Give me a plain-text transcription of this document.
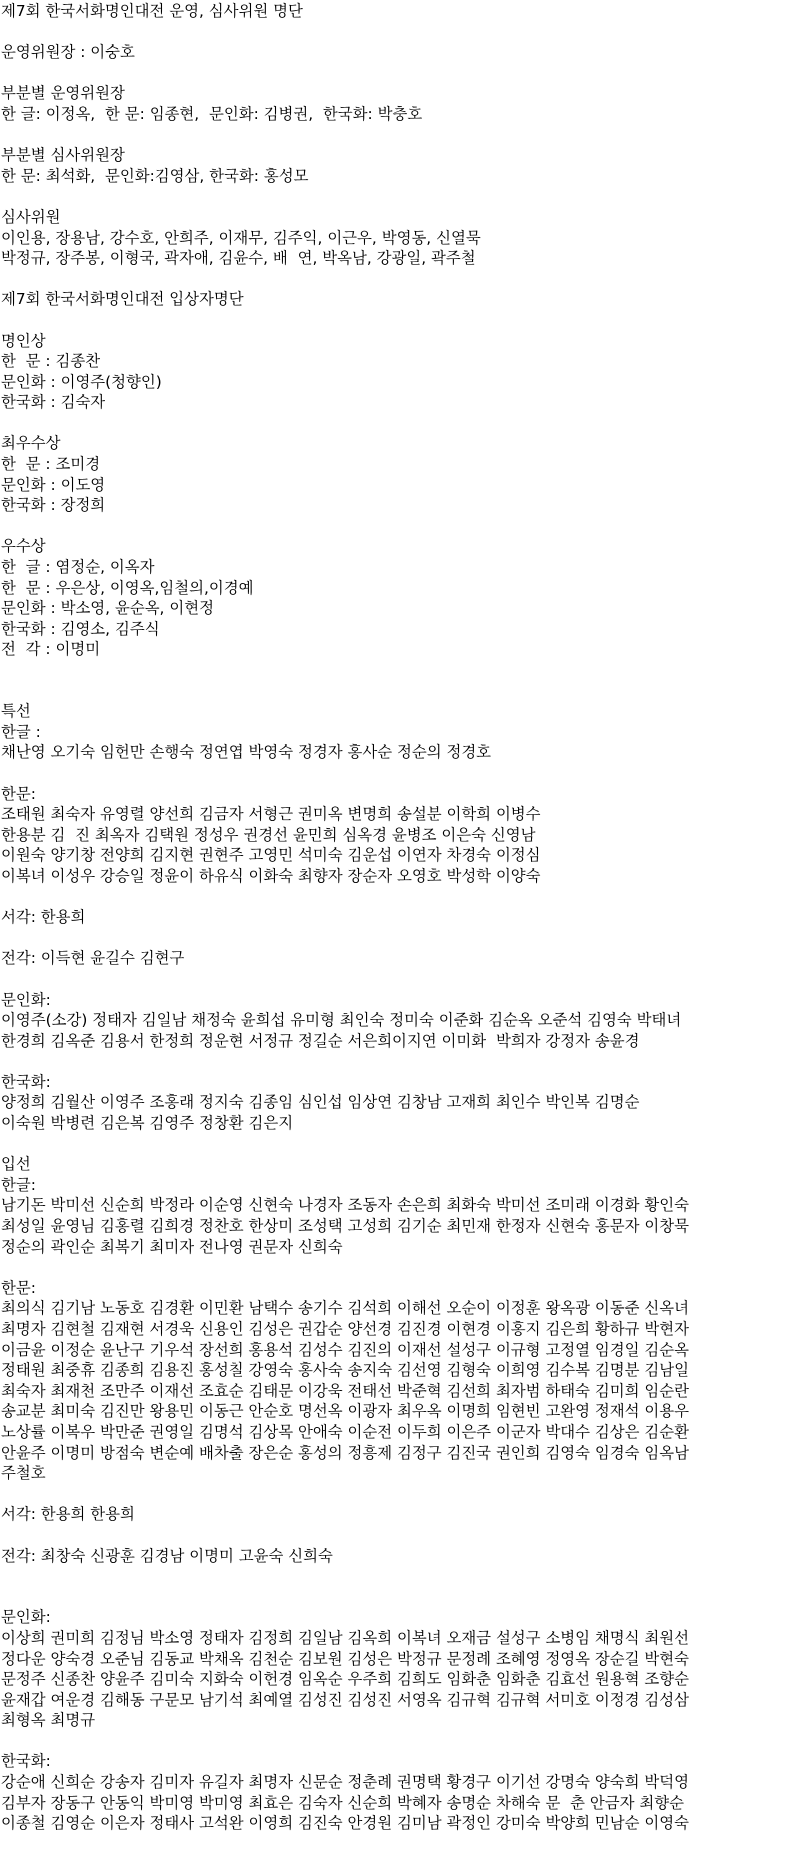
제7회 한국서화명인대전 운영, 심사위원 명단
운영위원장 : 이숭호
부분별 운영위원장
한 글: 이정옥,  한 문: 임종현,  문인화: 김병권,  한국화: 박충호
부분별 심사위원장
한 문: 최석화,  문인화:김영삼, 한국화: 홍성모
심사위원
이인용, 장용남, 강수호, 안희주, 이재무, 김주익, 이근우, 박영동, 신열묵
박정규, 장주봉, 이형국, 곽자애, 김윤수, 배  연, 박옥남, 강광일, 곽주철
제7회 한국서화명인대전 입상자명단
명인상
한  문 : 김종찬
문인화 : 이영주(청향인)
한국화 : 김숙자
최우수상
한  문 : 조미경
문인화 : 이도영
한국화 : 장정희
우수상
한  글 : 염정순, 이옥자
한  문 : 우은상, 이영옥,임철의,이경예
문인화 : 박소영, 윤순옥, 이현정
한국화 : 김영소, 김주식
전  각 : 이명미
특선
한글 :
채난영 오기숙 임헌만 손행숙 정연엽 박영숙 정경자 홍사순 정순의 정경호
한문:
조태원 최숙자 유영렬 양선희 김금자 서형근 권미옥 변명희 송설분 이학희 이병수
한용분 김  진 최옥자 김택원 정성우 권경선 윤민희 심옥경 윤병조 이은숙 신영남
이원숙 양기창 전양희 김지현 권현주 고영민 석미숙 김운섭 이연자 차경숙 이정심
이복녀 이성우 강승일 정윤이 하유식 이화숙 최향자 장순자 오영호 박성학 이양숙
서각: 한용희
전각: 이득현 윤길수 김현구
문인화:
이영주(소강) 정태자 김일남 채정숙 윤희섭 유미형 최인숙 정미숙 이준화 김순옥 오준석 김영숙 박태녀
한경희 김옥준 김용서 한정희 정운현 서정규 정길순 서은희이지연 이미화  박희자 강정자 송윤경
한국화:
양정희 김월산 이영주 조홍래 정지숙 김종임 심인섭 임상연 김창남 고재희 최인수 박인복 김명순
이숙원 박병련 김은복 김영주 정창환 김은지
입선
한글:
남기돈 박미선 신순희 박정라 이순영 신현숙 나경자 조동자 손은희 최화숙 박미선 조미래 이경화 황인숙
최성일 윤영님 김홍렬 김희경 정찬호 한상미 조성택 고성희 김기순 최민재 한정자 신현숙 홍문자 이창묵
정순의 곽인순 최복기 최미자 전나영 권문자 신희숙
한문:
최의식 김기남 노동호 김경환 이민환 남택수 송기수 김석희 이해선 오순이 이정훈 왕옥광 이동준 신옥녀
최명자 김현철 김재현 서경욱 신용인 김성은 권갑순 양선경 김진경 이현경 이홍지 김은희 황하규 박현자
이금윤 이정순 윤난구 기우석 장선희 홍용석 김성수 김진의 이재선 설성구 이규형 고정열 임경일 김순옥
정태원 최중휴 김종희 김용진 홍성칠 강영숙 홍사숙 송지숙 김선영 김형숙 이희영 김수복 김명분 김남일
최숙자 최재천 조만주 이재선 조효순 김태문 이강욱 전태선 박준혁 김선희 최자범 하태숙 김미희 임순란
송교분 최미숙 김진만 왕용민 이동근 안순호 명선옥 이광자 최우옥 이명희 임현빈 고완영 정재석 이용우
노상률 이복우 박만준 권영일 김명석 김상목 안애숙 이순전 이두희 이은주 이군자 박대수 김상은 김순환
안윤주 이명미 방점숙 변순예 배차출 장은순 홍성의 정흥제 김정구 김진국 권인희 김영숙 임경숙 임옥남
주철호
서각: 한용희 한용희
전각: 최창숙 신광훈 김경남 이명미 고윤숙 신희숙
문인화:
이상희 권미희 김정님 박소영 정태자 김정희 김일남 김옥희 이복녀 오재금 설성구 소병임 채명식 최원선
정다운 양숙경 오준님 김동교 박채옥 김천순 김보원 김성은 박정규 문정례 조혜영 정영옥 장순길 박현숙
문정주 신종찬 양윤주 김미숙 지화숙 이헌경 임옥순 우주희 김희도 임화춘 임화춘 김효선 원용혁 조향순
윤재갑 여운경 김해동 구문모 남기석 최예열 김성진 김성진 서영옥 김규혁 김규혁 서미호 이정경 김성삼
최형옥 최명규
한국화:
강순애 신희순 강송자 김미자 유길자 최명자 신문순 정춘례 권명택 황경구 이기선 강명숙 양숙희 박덕영
김부자 장동구 안동익 박미영 박미영 최효은 김숙자 신순희 박혜자 송명순 차해숙 문  춘 안금자 최향순
이종철 김영순 이은자 정태사 고석완 이영희 김진숙 안경원 김미남 곽정인 강미숙 박양희 민남순 이영숙
